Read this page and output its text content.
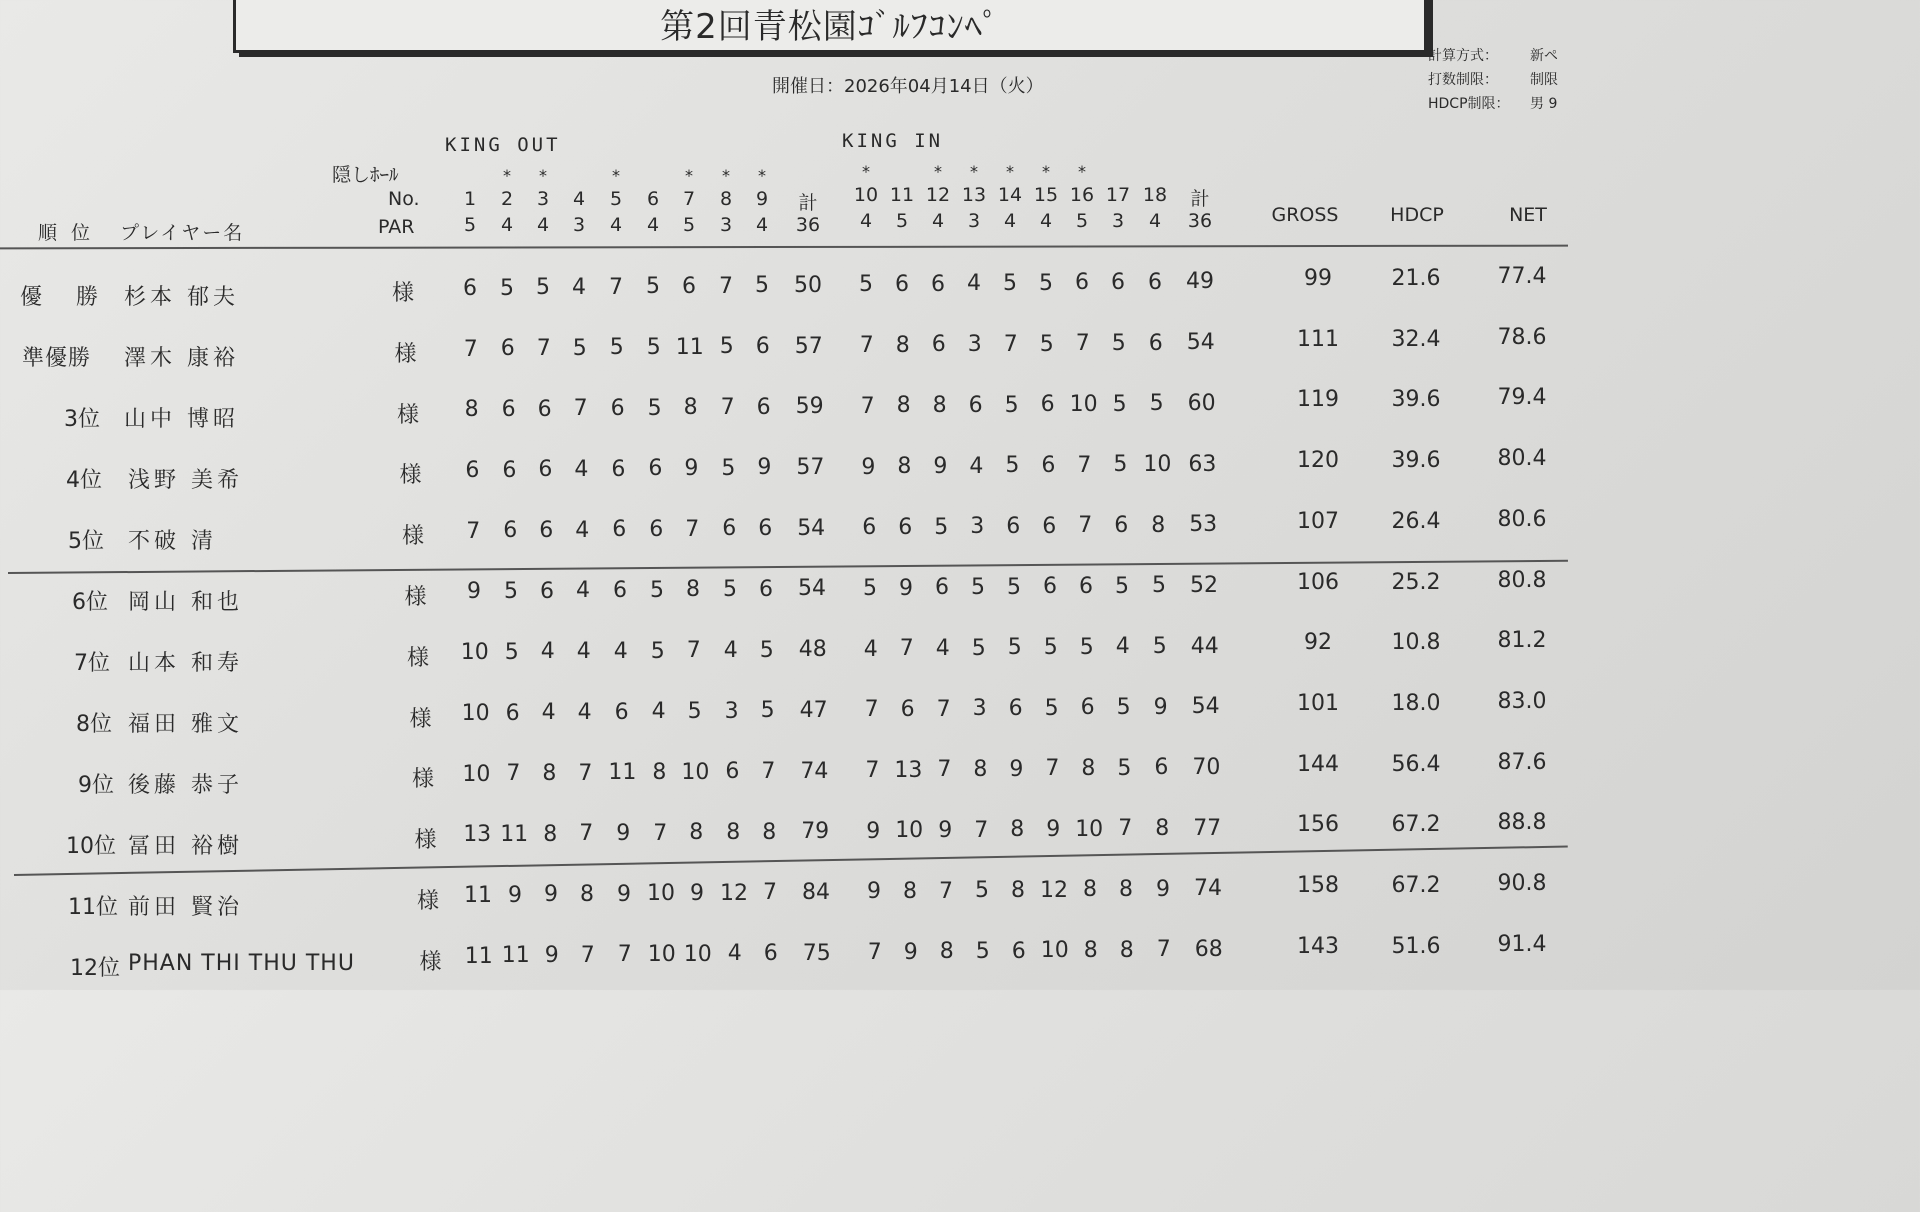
第2回青松園ｺﾞﾙﾌｺﾝﾍﾟ
開催日：2026年04月14日（火）
計算方式：	新ペ
打数制限：	制限
HDCP制限：	男 9
KING OUT	KING IN
隠しﾎｰﾙ
No.
PAR
順 位 プレイヤー名
GROSS	HDCP	NET
* *	*	* * *	*	* * * * *
1 2 3 4 5 6 7 8 9 計 10 11 12 13 14 15 16 17 18 計
5 4 4 3 4 4 5 3 4 36 4 5 4 3 4 4 5 3 4 36
優　勝 杉本 郁夫	様 6 5 5 4 7 5 6 7 5 50 5 6 6 4 5 5 6 6 6 49	99	21.6	77.4
準優勝 澤木 康裕	様 7 6 7 5 5 5 11 5 6 57 7 8 6 3 7 5 7 5 6 54	111 32.4	78.6
3位 山中 博昭	様 8 6 6 7 6 5 8 7 6 59 7 8 8 6 5 6 10 5 5 60	119 39.6	79.4
4位 浅野 美希	様 6 6 6 4 6 6 9 5 9 57 9 8 9 4 5 6 7 5 10 63	120 39.6	80.4
5位 不破 清	様 7 6 6 4 6 6 7 6 6 54 6 6 5 3 6 6 7 6 8 53	107 26.4	80.6
6位 岡山 和也	様 9 5 6 4 6 5 8 5 6 54 5 9 6 5 5 6 6 5 5 52	106 25.2	80.8
7位 山本 和寿	様 10 5 4 4 4 5 7 4 5 48 4 7 4 5 5 5 5 4 5 44	92	10.8	81.2
8位 福田 雅文	様 10 6 4 4 6 4 5 3 5 47 7 6 7 3 6 5 6 5 9 54	101 18.0	83.0
9位 後藤 恭子	様 10 7 8 7 11 8 10 6 7 74 7 13 7 8 9 7 8 5 6 70	144 56.4	87.6
10位 冨田 裕樹	様 13 11 8 7 9 7 8 8 8 79 9 10 9 7 8 9 10 7 8 77	156 67.2	88.8
11位 前田 賢治	様 11 9 9 8 9 10 9 12 7 84 9 8 7 5 8 12 8 8 9 74	158 67.2	90.8
12位 PHAN THI THU THU	様 11 11 9 7 7 10 10 4 6 75 7 9 8 5 6 10 8 8 7 68	143 51.6	91.4
